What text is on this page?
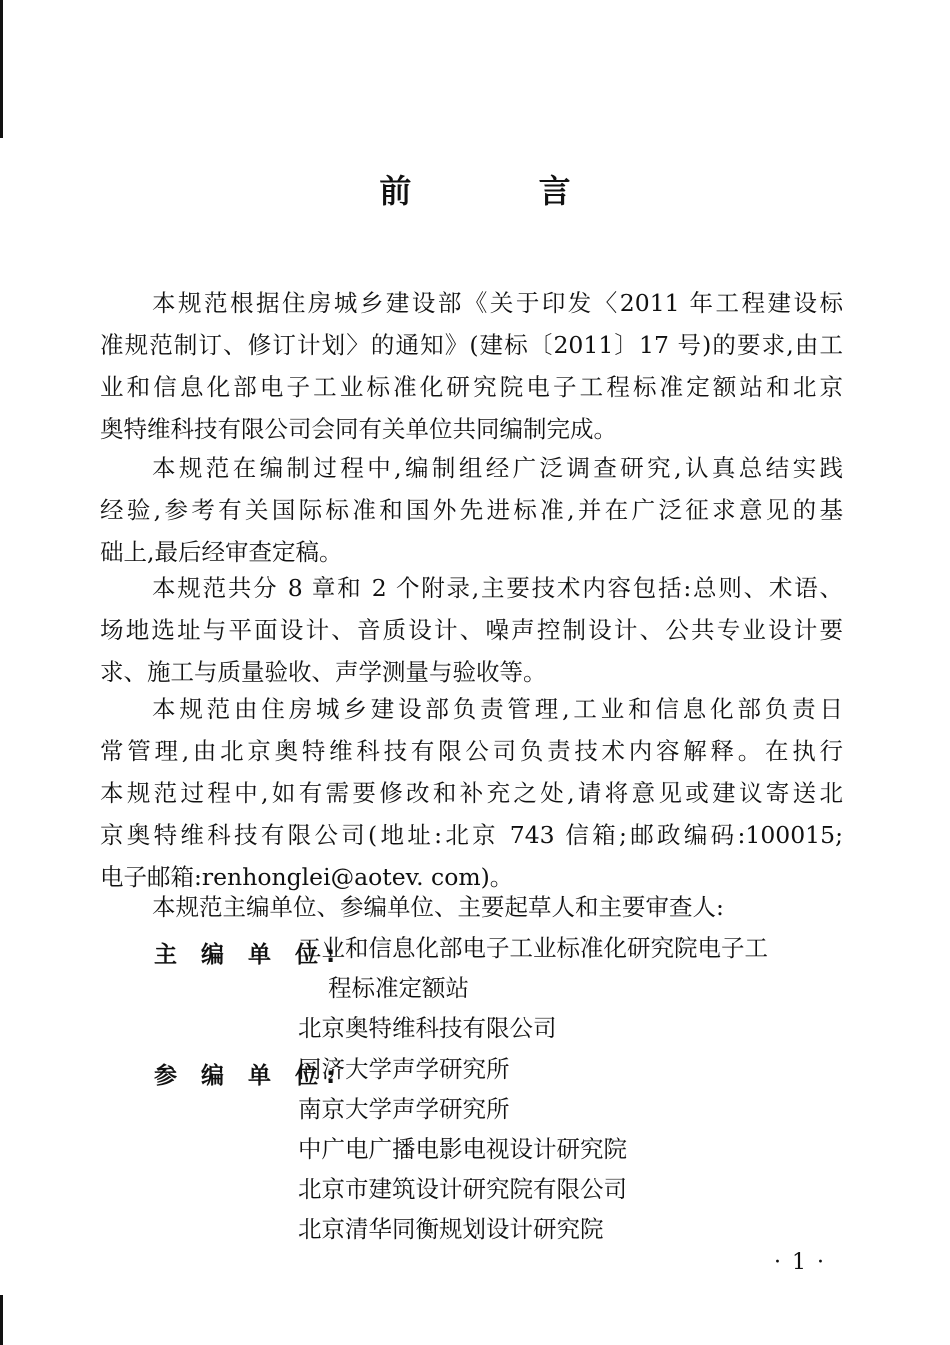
前 言
本规范根据住房城乡建设部《关于印发〈2011 年工程建设标
准规范制订、修订计划〉的通知》(建标〔2011〕17 号)的要求,由工
业和信息化部电子工业标准化研究院电子工程标准定额站和北京
奥特维科技有限公司会同有关单位共同编制完成。
本规范在编制过程中,编制组经广泛调查研究,认真总结实践
经验,参考有关国际标准和国外先进标准,并在广泛征求意见的基
础上,最后经审查定稿。
本规范共分 8 章和 2 个附录,主要技术内容包括:总则、术语、
场地选址与平面设计、音质设计、噪声控制设计、公共专业设计要
求、施工与质量验收、声学测量与验收等。
本规范由住房城乡建设部负责管理,工业和信息化部负责日
常管理,由北京奥特维科技有限公司负责技术内容解释。在执行
本规范过程中,如有需要修改和补充之处,请将意见或建议寄送北
京奥特维科技有限公司(地址:北京 743 信箱;邮政编码:100015;
电子邮箱:renhonglei@aotev. com)。
本规范主编单位、参编单位、主要起草人和主要审查人:
主 编 单 位:
工业和信息化部电子工业标准化研究院电子工
程标准定额站
北京奥特维科技有限公司
参 编 单 位:
同济大学声学研究所
南京大学声学研究所
中广电广播电影电视设计研究院
北京市建筑设计研究院有限公司
北京清华同衡规划设计研究院
· 1 ·
